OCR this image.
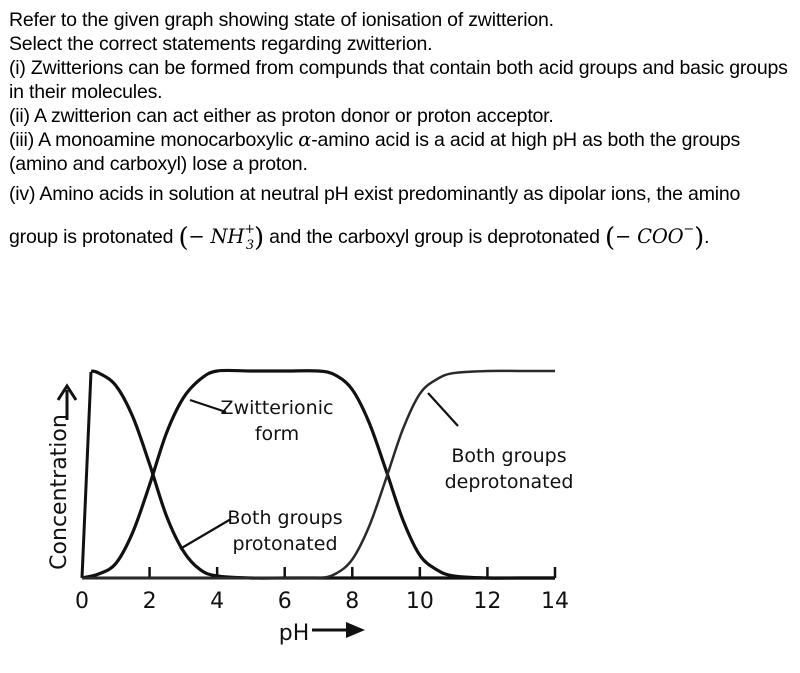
Refer to the given graph showing state of ionisation of zwitterion.

Select the correct statements regarding zwitterion.

(i) Zwitterions can be formed from compunds that contain both acid groups and basic groups in their molecules.

(ii) A zwitterion can act either as proton donor or proton acceptor.

(iii) A monoamine monocarboxylic α-amino acid is a acid at high pH as both the groups (amino and carboxyl) lose a proton.

(iv) Amino acids in solution at neutral pH exist predominantly as dipolar ions, the amino group is protonated (− $NH^+_3$) and the carboxyl group is deprotonated (− COO−).

0 2 4 6 8 10 12 14
pH
Concentration
Zwitterionic
form
Both groups
protonated
Both groups
deprotonated
